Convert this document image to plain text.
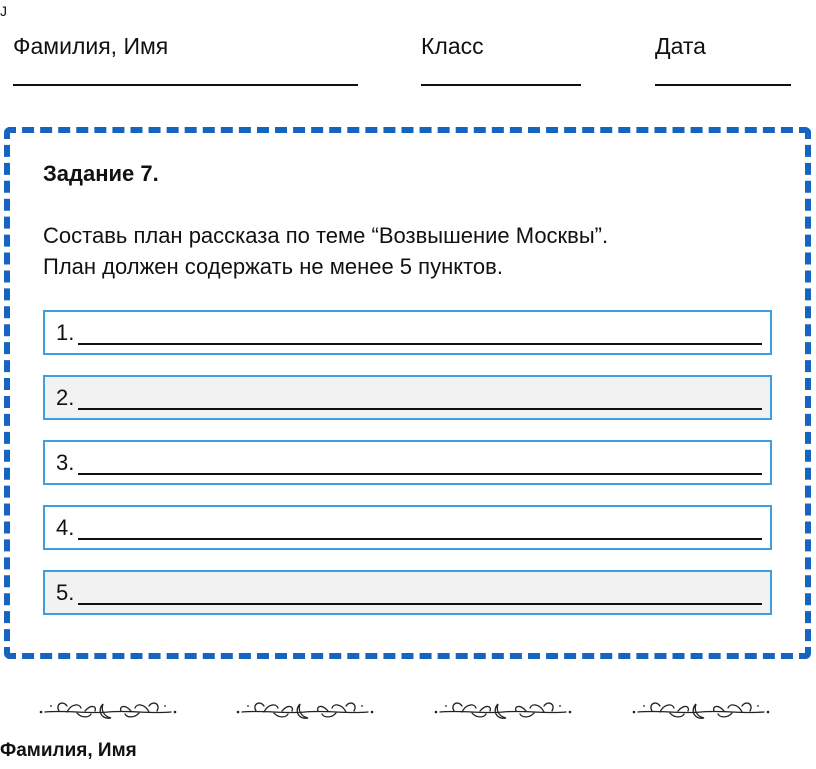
J
Фамилия, Имя	Класс	Дата
Задание 7.
Составь план рассказа по теме “Возвышение Москвы”.
План должен содержать не менее 5 пунктов.
1.
2.
3.
4.
5.
Фамилия, Имя
